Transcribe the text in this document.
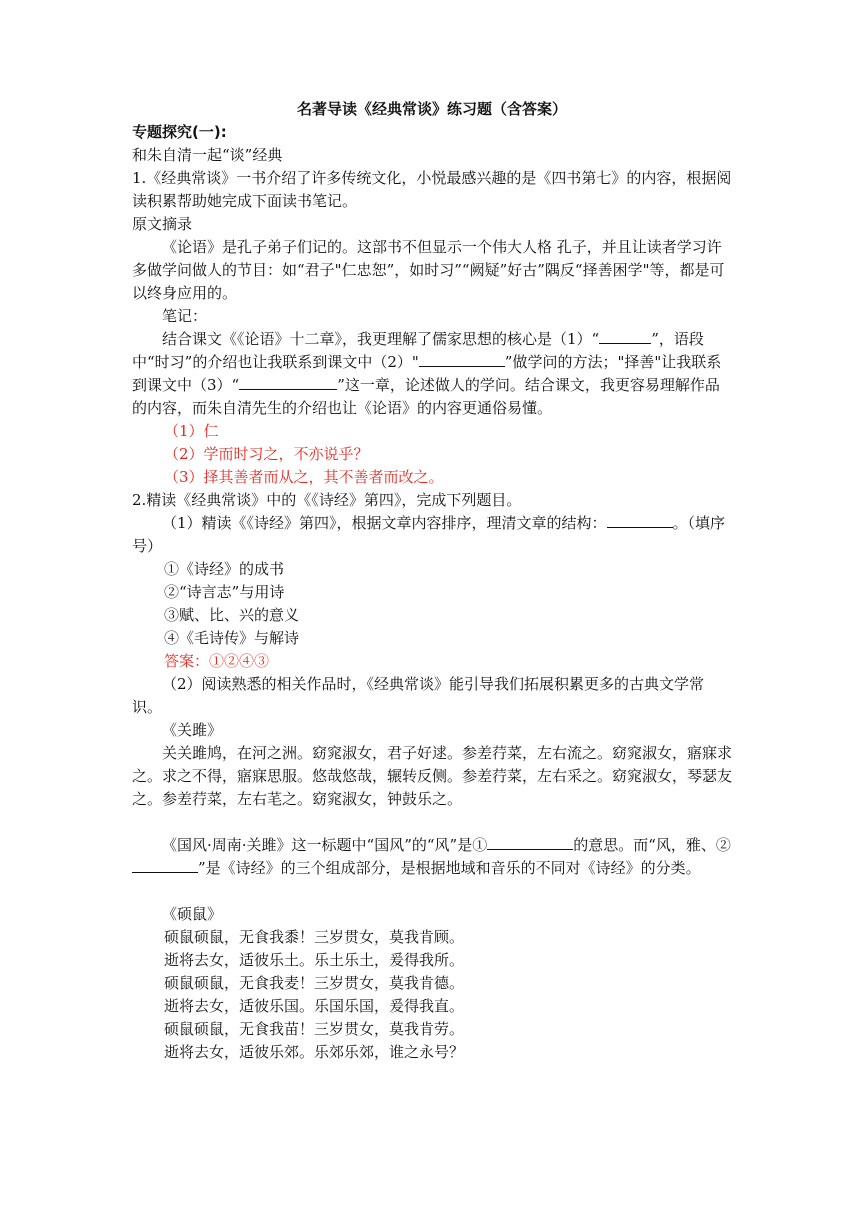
名著导读《经典常谈》练习题（含答案）

专题探究(一):

和朱自清一起“谈”经典

1.《经典常谈》一书介绍了许多传统文化，小悦最感兴趣的是《四书第七》的内容，根据阅读积累帮助她完成下面读书笔记。

原文摘录

《论语》是孔子弟子们记的。这部书不但显示一个伟大人格 孔子，并且让读者学习许多做学问做人的节目：如“君子"仁忠恕”，如时习”“阙疑”好古”隅反“择善困学"等，都是可以终身应用的。

笔记：

结合课文《《论语》十二章》，我更理解了儒家思想的核心是（1）“	”，语段中“时习”的介绍也让我联系到课文中（2）"	”做学问的方法；"择善"让我联系到课文中（3）“	”这一章，论述做人的学问。结合课文，我更容易理解作品的内容，而朱自清先生的介绍也让《论语》的内容更通俗易懂。

（1）仁

（2）学而时习之，不亦说乎？

（3）择其善者而从之，其不善者而改之。

2.精读《经典常谈》中的《《诗经》第四》，完成下列题目。

（1）精读《《诗经》第四》，根据文章内容排序，理清文章的结构：	。（填序号）

①《诗经》的成书

②“诗言志”与用诗

③赋、比、兴的意义

④《毛诗传》与解诗

答案：①②④③

（2）阅读熟悉的相关作品时，《经典常谈》能引导我们拓展积累更多的古典文学常识。

《关雎》

关关雎鸠，在河之洲。窈窕淑女，君子好逑。参差荇菜，左右流之。窈窕淑女，寤寐求之。求之不得，寤寐思服。悠哉悠哉，辗转反侧。参差荇菜，左右采之。窈窕淑女，琴瑟友之。参差荇菜，左右芼之。窈窕淑女，钟鼓乐之。

《国风·周南·关雎》这一标题中“国风”的“风”是①	的意思。而“风，雅、②”是《诗经》的三个组成部分，是根据地域和音乐的不同对《诗经》的分类。

《硕鼠》

硕鼠硕鼠，无食我黍！三岁贯女，莫我肯顾。

逝将去女，适彼乐土。乐土乐土，爰得我所。

硕鼠硕鼠，无食我麦！三岁贯女，莫我肯德。

逝将去女，适彼乐国。乐国乐国，爰得我直。

硕鼠硕鼠，无食我苗！三岁贯女，莫我肯劳。

逝将去女，适彼乐郊。乐郊乐郊，谁之永号？
